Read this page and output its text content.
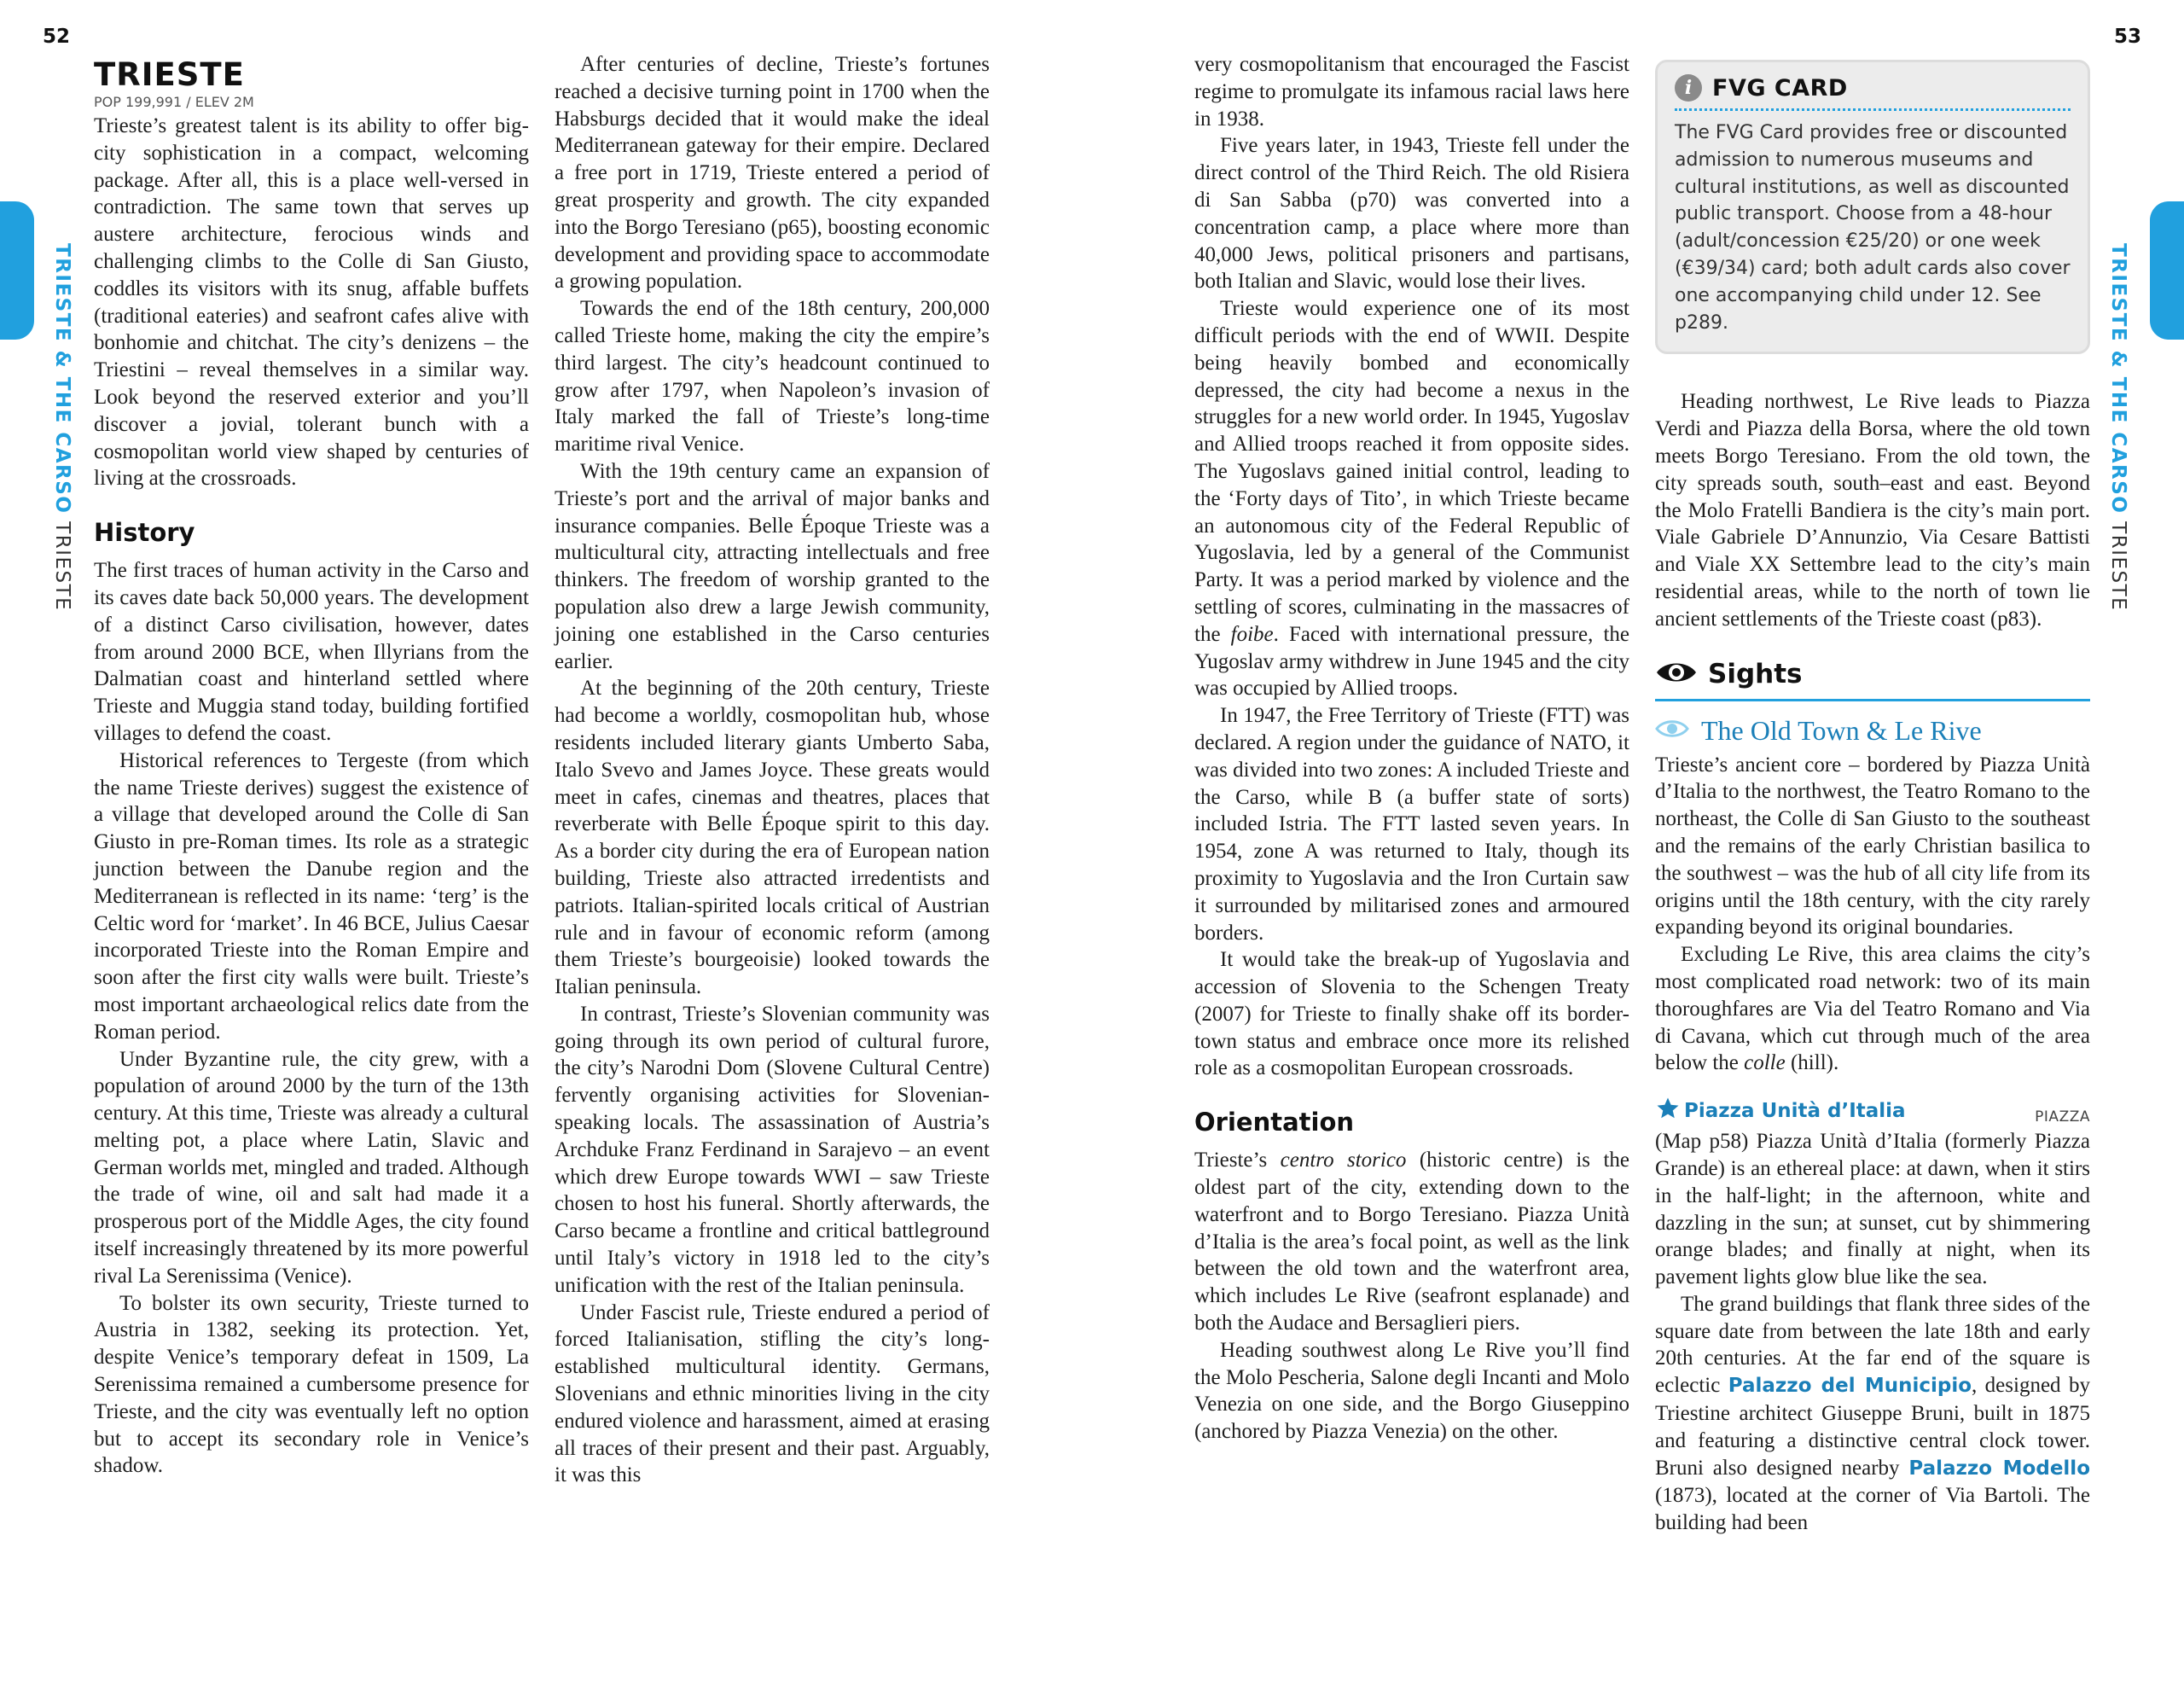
52	53
TRIESTE & THE CARSO TRIESTE
TRIESTE & THE CARSO TRIESTE
TRIESTE
POP 199,991 / ELEV 2M

Trieste’s greatest talent is its ability to offer big-city sophistication in a compact, welcoming package. After all, this is a place well-versed in contradiction. The same town that serves up austere architecture, ferocious winds and challenging climbs to the Colle di San Giusto, coddles its visitors with its snug, affable buffets (traditional eateries) and seafront cafes alive with bonhomie and chitchat. The city’s denizens – the Triestini – reveal themselves in a similar way. Look beyond the reserved exterior and you’ll discover a jovial, tolerant bunch with a cosmopolitan world view shaped by centuries of living at the crossroads.

History

The first traces of human activity in the Carso and its caves date back 50,000 years. The development of a distinct Carso civilisation, however, dates from around 2000 BCE, when Illyrians from the Dalmatian coast and hinterland settled where Trieste and Muggia stand today, building fortified villages to defend the coast.

Historical references to Tergeste (from which the name Trieste derives) suggest the existence of a village that developed around the Colle di San Giusto in pre-Roman times. Its role as a strategic junction between the Danube region and the Mediterranean is reflected in its name: ‘terg’ is the Celtic word for ‘market’. In 46 BCE, Julius Caesar incorporated Trieste into the Roman Empire and soon after the first city walls were built. Trieste’s most important archaeological relics date from the Roman period.

Under Byzantine rule, the city grew, with a population of around 2000 by the turn of the 13th century. At this time, Trieste was already a cultural melting pot, a place where Latin, Slavic and German worlds met, mingled and traded. Although the trade of wine, oil and salt had made it a prosperous port of the Middle Ages, the city found itself increasingly threatened by its more powerful rival La Serenissima (Venice).

To bolster its own security, Trieste turned to Austria in 1382, seeking its protection. Yet, despite Venice’s temporary defeat in 1509, La Serenissima remained a cumbersome presence for Trieste, and the city was eventually left no option but to accept its secondary role in Venice’s shadow.

After centuries of decline, Trieste’s fortunes reached a decisive turning point in 1700 when the Habsburgs decided that it would make the ideal Mediterranean gateway for their empire. Declared a free port in 1719, Trieste entered a period of great prosperity and growth. The city expanded into the Borgo Teresiano (p65), boosting economic development and providing space to accommodate a growing population.

Towards the end of the 18th century, 200,000 called Trieste home, making the city the empire’s third largest. The city’s headcount continued to grow after 1797, when Napoleon’s invasion of Italy marked the fall of Trieste’s long-time maritime rival Venice.

With the 19th century came an expansion of Trieste’s port and the arrival of major banks and insurance companies. Belle Époque Trieste was a multicultural city, attracting intellectuals and free thinkers. The freedom of worship granted to the population also drew a large Jewish community, joining one established in the Carso centuries earlier.

At the beginning of the 20th century, Trieste had become a worldly, cosmopolitan hub, whose residents included literary giants Umberto Saba, Italo Svevo and James Joyce. These greats would meet in cafes, cinemas and theatres, places that reverberate with Belle Époque spirit to this day. As a border city during the era of European nation building, Trieste also attracted irredentists and patriots. Italian-spirited locals critical of Austrian rule and in favour of economic reform (among them Trieste’s bourgeoisie) looked towards the Italian peninsula.

In contrast, Trieste’s Slovenian community was going through its own period of cultural furore, the city’s Narodni Dom (Slovene Cultural Centre) fervently organising activities for Slovenian-speaking locals. The assassination of Austria’s Archduke Franz Ferdinand in Sarajevo – an event which drew Europe towards WWI – saw Trieste chosen to host his funeral. Shortly afterwards, the Carso became a frontline and critical battleground until Italy’s victory in 1918 led to the city’s unification with the rest of the Italian peninsula.

Under Fascist rule, Trieste endured a period of forced Italianisation, stifling the city’s long-established multicultural identity. Germans, Slovenians and ethnic minorities living in the city endured violence and harassment, aimed at erasing all traces of their present and their past. Arguably, it was this

very cosmopolitanism that encouraged the Fascist regime to promulgate its infamous racial laws here in 1938.

Five years later, in 1943, Trieste fell under the direct control of the Third Reich. The old Risiera di San Sabba (p70) was converted into a concentration camp, a place where more than 40,000 Jews, political prisoners and partisans, both Italian and Slavic, would lose their lives.

Trieste would experience one of its most difficult periods with the end of WWII. Despite being heavily bombed and economically depressed, the city had become a nexus in the struggles for a new world order. In 1945, Yugoslav and Allied troops reached it from opposite sides. The Yugoslavs gained initial control, leading to the ‘Forty days of Tito’, in which Trieste became an autonomous city of the Federal Republic of Yugoslavia, led by a general of the Communist Party. It was a period marked by violence and the settling of scores, culminating in the massacres of the foibe. Faced with international pressure, the Yugoslav army withdrew in June 1945 and the city was occupied by Allied troops.

In 1947, the Free Territory of Trieste (FTT) was declared. A region under the guidance of NATO, it was divided into two zones: A included Trieste and the Carso, while B (a buffer state of sorts) included Istria. The FTT lasted seven years. In 1954, zone A was returned to Italy, though its proximity to Yugoslavia and the Iron Curtain saw it surrounded by militarised zones and armoured borders.

It would take the break-up of Yugoslavia and accession of Slovenia to the Schengen Treaty (2007) for Trieste to finally shake off its border-town status and embrace once more its relished role as a cosmopolitan European crossroads.

Orientation

Trieste’s centro storico (historic centre) is the oldest part of the city, extending down to the waterfront and to Borgo Teresiano. Piazza Unità d’Italia is the area’s focal point, as well as the link between the old town and the waterfront area, which includes Le Rive (seafront esplanade) and both the Audace and Bersaglieri piers.

Heading southwest along Le Rive you’ll find the Molo Pescheria, Salone degli Incanti and Molo Venezia on one side, and the Borgo Giuseppino (anchored by Piazza Venezia) on the other.

i FVG CARD
The FVG Card provides free or discounted admission to numerous museums and cultural institutions, as well as discounted public transport. Choose from a 48-hour (adult/concession €25/20) or one week (€39/34) card; both adult cards also cover one accompanying child under 12. See p289.

Heading northwest, Le Rive leads to Piazza Verdi and Piazza della Borsa, where the old town meets Borgo Teresiano. From the old town, the city spreads south, south–east and east. Beyond the Molo Fratelli Bandiera is the city’s main port. Viale Gabriele D’Annunzio, Via Cesare Battisti and Viale XX Settembre lead to the city’s main residential areas, while to the north of town lie ancient settlements of the Trieste coast (p83).

Sights
The Old Town & Le Rive

Trieste’s ancient core – bordered by Piazza Unità d’Italia to the northwest, the Teatro Romano to the northeast, the Colle di San Giusto to the southeast and the remains of the early Christian basilica to the southwest – was the hub of all city life from its origins until the 18th century, with the city rarely expanding beyond its original boundaries.

Excluding Le Rive, this area claims the city’s most complicated road network: two of its main thoroughfares are Via del Teatro Romano and Via di Cavana, which cut through much of the area below the colle (hill).

Piazza Unità d’Italia	PIAZZA

(Map p58) Piazza Unità d’Italia (formerly Piazza Grande) is an ethereal place: at dawn, when it stirs in the half-light; in the afternoon, white and dazzling in the sun; at sunset, cut by shimmering orange blades; and finally at night, when its pavement lights glow blue like the sea.

The grand buildings that flank three sides of the square date from between the late 18th and early 20th centuries. At the far end of the square is eclectic Palazzo del Municipio, designed by Triestine architect Giuseppe Bruni, built in 1875 and featuring a distinctive central clock tower. Bruni also designed nearby Palazzo Modello (1873), located at the corner of Via Bartoli. The building had been
